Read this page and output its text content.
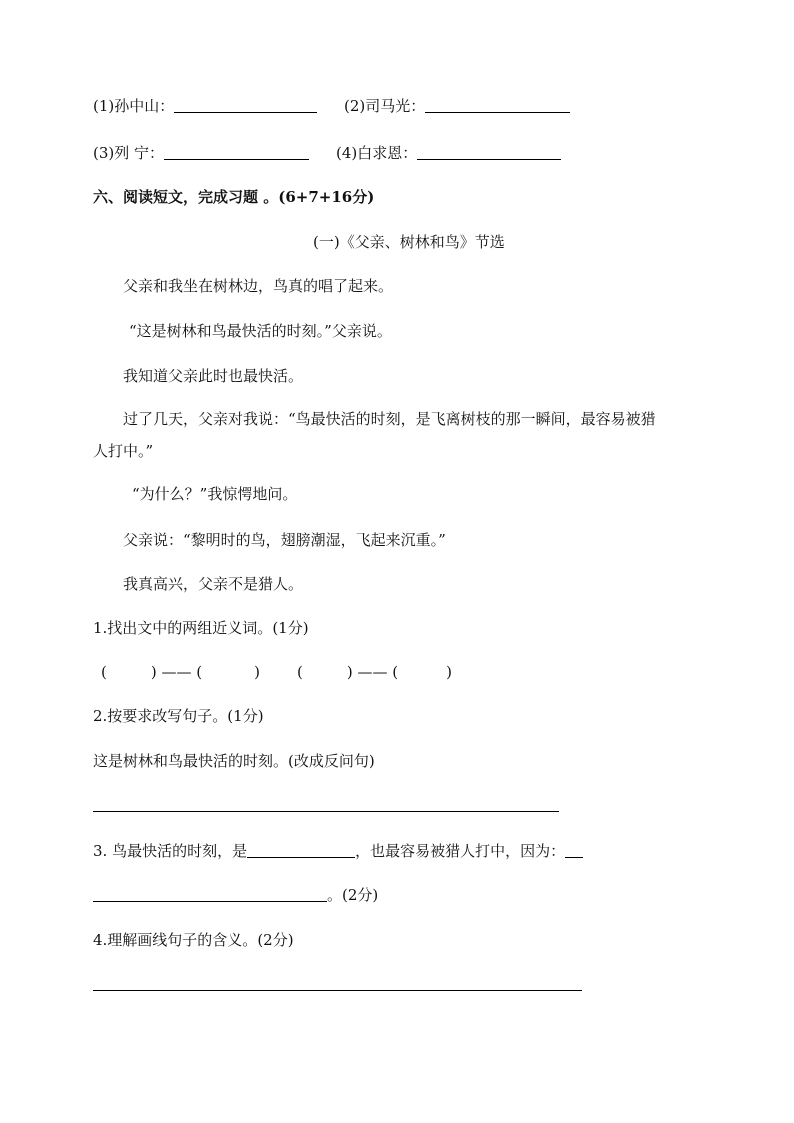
(1)孙中山：	(2)司马光：
(3)列 宁：	(4)白求恩：
六、阅读短文，完成习题 。(6+7+16分)
(一)《父亲、树林和鸟》节选
父亲和我坐在树林边，鸟真的唱了起来。
“这是树林和鸟最快活的时刻。”父亲说。
我知道父亲此时也最快活。
过了几天，父亲对我说：“鸟最快活的时刻，是飞离树枝的那一瞬间，最容易被猎
人打中。”
“为什么？”我惊愕地问。
父亲说：“黎明时的鸟，翅膀潮湿，飞起来沉重。”
我真高兴，父亲不是猎人。
1.找出文中的两组近义词。(1分)
(	) —— (	) (	) —— (	)
2.按要求改写句子。(1分)
这是树林和鸟最快活的时刻。(改成反问句)
3. 鸟最快活的时刻，是	，也最容易被猎人打中，因为：
。(2分)
4.理解画线句子的含义。(2分)
